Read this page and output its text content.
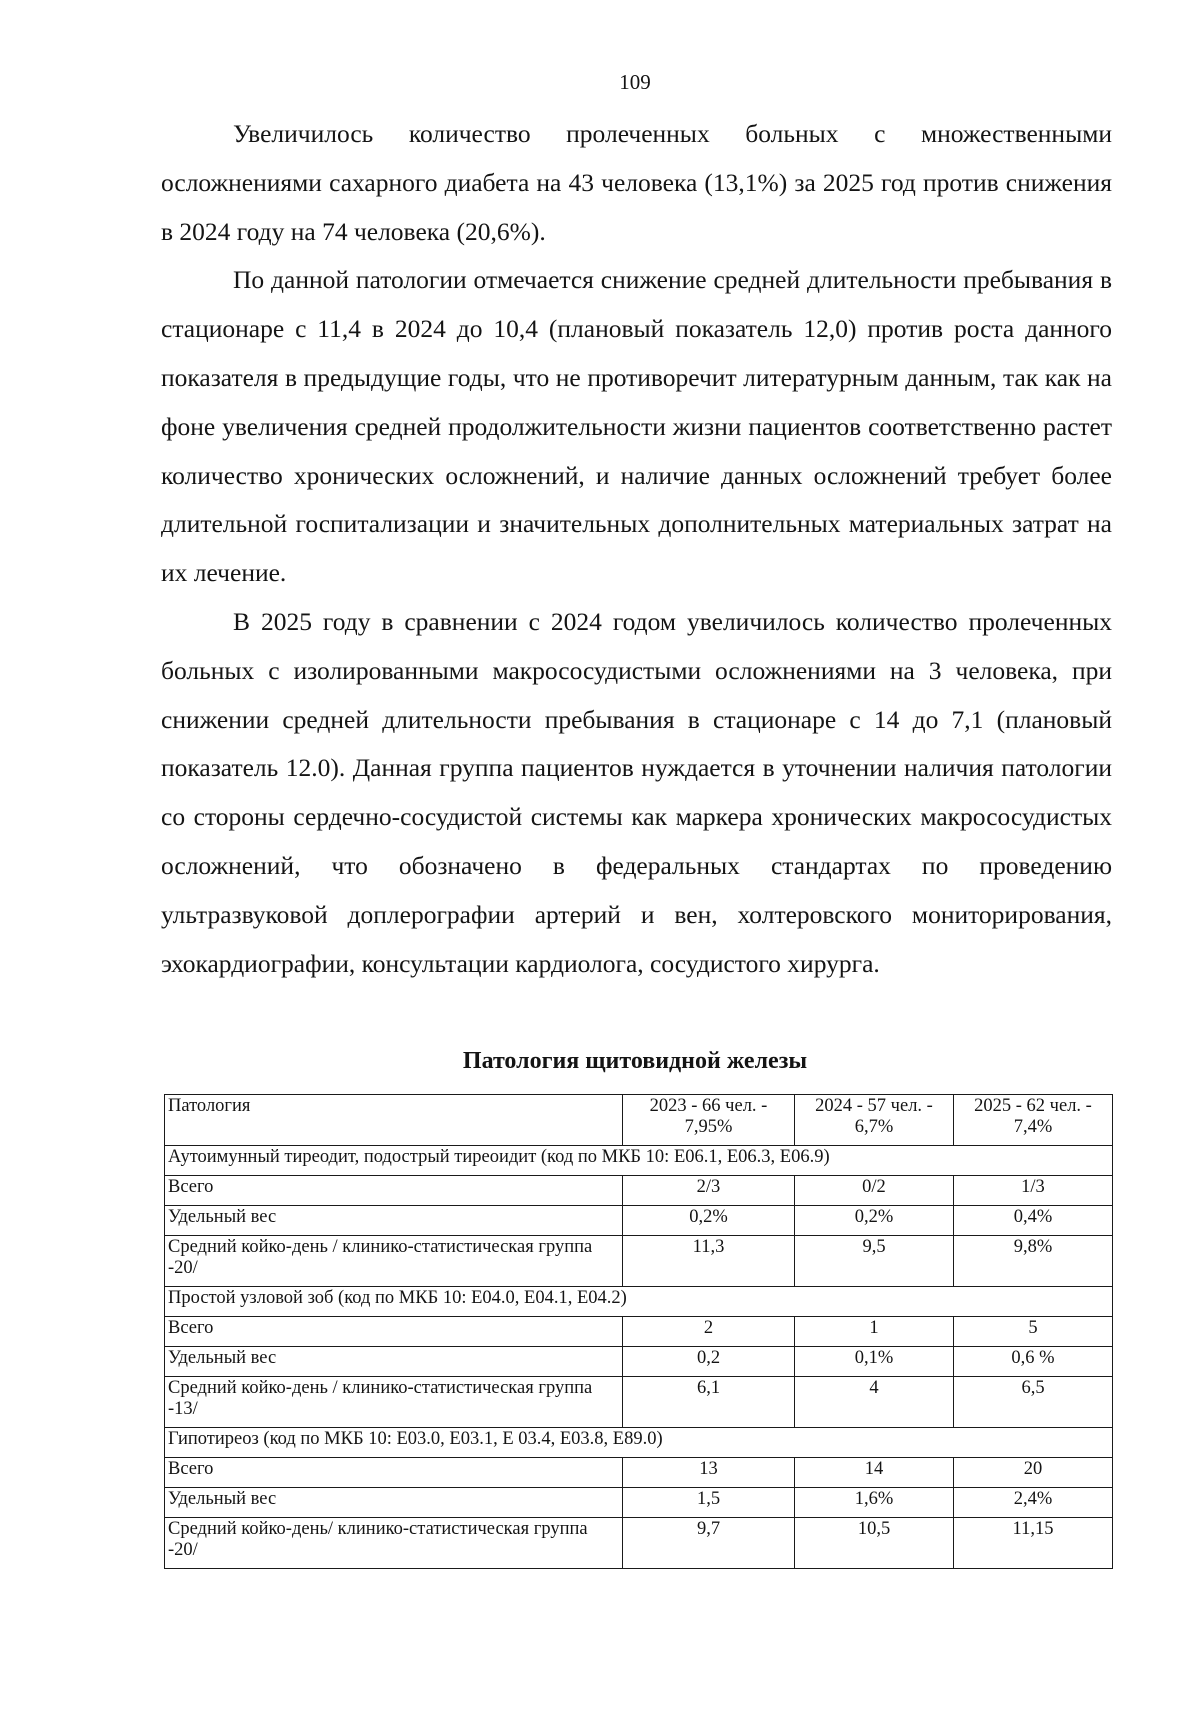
109

Увеличилось количество пролеченных больных с множественными осложнениями сахарного диабета на 43 человека (13,1%) за 2025 год против снижения в 2024 году на 74 человека (20,6%).

По данной патологии отмечается снижение средней длительности пребывания в стационаре с 11,4 в 2024 до 10,4 (плановый показатель 12,0) против роста данного показателя в предыдущие годы, что не противоречит литературным данным, так как на фоне увеличения средней продолжительности жизни пациентов соответственно растет количество хронических осложнений, и наличие данных осложнений требует более длительной госпитализации и значительных дополнительных материальных затрат на их лечение.

В 2025 году в сравнении с 2024 годом увеличилось количество пролеченных больных с изолированными макрососудистыми осложнениями на 3 человека, при снижении средней длительности пребывания в стационаре с 14 до 7,1 (плановый показатель 12.0). Данная группа пациентов нуждается в уточнении наличия патологии со стороны сердечно-сосудистой системы как маркера хронических макрососудистых осложнений, что обозначено в федеральных стандартах по проведению ультразвуковой доплерографии артерий и вен, холтеровского мониторирования, эхокардиографии, консультации кардиолога, сосудистого хирурга.

Патология щитовидной железы
Патология	2023 - 66 чел. - 7,95%	2024 - 57 чел. - 6,7%	2025 - 62 чел. - 7,4%
Аутоимунный тиреодит, подострый тиреоидит (код по МКБ 10: Е06.1, Е06.3, Е06.9)			
Всего	2/3	0/2	1/3
Удельный вес	0,2%	0,2%	0,4%
Средний койко-день / клинико-статистическая группа -20/	11,3	9,5	9,8%
Простой узловой зоб (код по МКБ 10: Е04.0, Е04.1, Е04.2)			
Всего	2	1	5
Удельный вес	0,2	0,1%	0,6 %
Средний койко-день / клинико-статистическая группа -13/	6,1	4	6,5
Гипотиреоз (код по МКБ 10: Е03.0, Е03.1, Е 03.4, Е03.8, Е89.0)			
Всего	13	14	20
Удельный вес	1,5	1,6%	2,4%
Средний койко-день/ клинико-статистическая группа -20/	9,7	10,5	11,15
